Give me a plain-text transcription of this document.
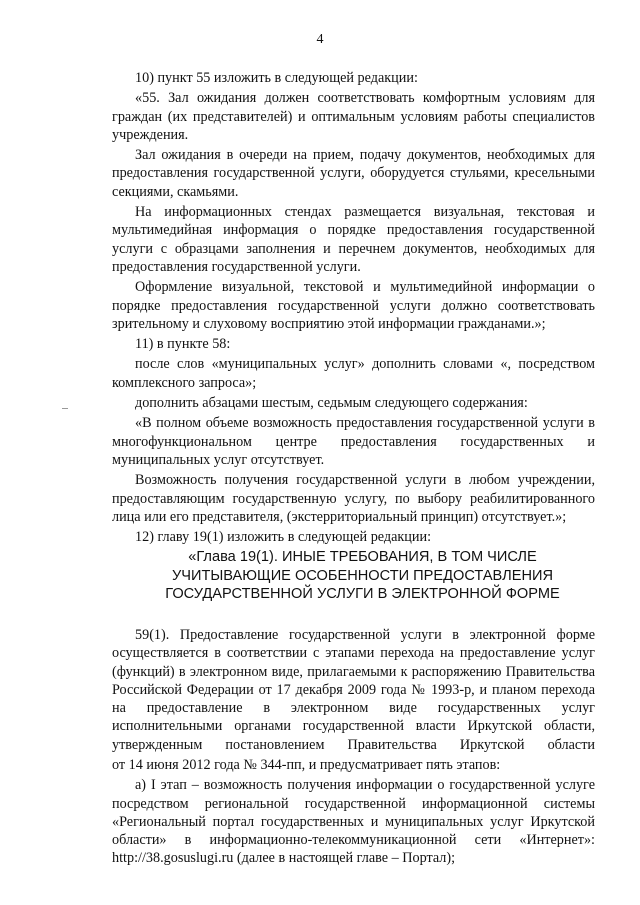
4

10) пункт 55 изложить в следующей редакции:

«55. Зал ожидания должен соответствовать комфортным условиям для граждан (их представителей) и оптимальным условиям работы специалистов учреждения.

Зал ожидания в очереди на прием, подачу документов, необходимых для предоставления государственной услуги, оборудуется стульями, кресельными секциями, скамьями.

На информационных стендах размещается визуальная, текстовая и мультимедийная информация о порядке предоставления государственной услуги с образцами заполнения и перечнем документов, необходимых для предоставления государственной услуги.

Оформление визуальной, текстовой и мультимедийной информации о порядке предоставления государственной услуги должно соответствовать зрительному и слуховому восприятию этой информации гражданами.»;

11) в пункте 58:

после слов «муниципальных услуг» дополнить словами «, посредством комплексного запроса»;

дополнить абзацами шестым, седьмым следующего содержания:

«В полном объеме возможность предоставления государственной услуги в многофункциональном центре предоставления государственных и муниципальных услуг отсутствует.

Возможность получения государственной услуги в любом учреждении, предоставляющим государственную услугу, по выбору реабилитированного лица или его представителя, (экстерриториальный принцип) отсутствует.»;

12) главу 19(1) изложить в следующей редакции:

«Глава 19(1). ИНЫЕ ТРЕБОВАНИЯ, В ТОМ ЧИСЛЕ
УЧИТЫВАЮЩИЕ ОСОБЕННОСТИ ПРЕДОСТАВЛЕНИЯ
ГОСУДАРСТВЕННОЙ УСЛУГИ В ЭЛЕКТРОННОЙ ФОРМЕ

59(1). Предоставление государственной услуги в электронной форме осуществляется в соответствии с этапами перехода на предоставление услуг (функций) в электронном виде, прилагаемыми к распоряжению Правительства Российской Федерации от 17 декабря 2009 года № 1993-р, и планом перехода на предоставление в электронном виде государственных услуг исполнительными органами государственной власти Иркутской области, утвержденным постановлением Правительства Иркутской области

от 14 июня 2012 года № 344-пп, и предусматривает пять этапов:

а) I этап – возможность получения информации о государственной услуге посредством региональной государственной информационной системы «Региональный портал государственных и муниципальных услуг Иркутской области» в информационно-телекоммуникационной сети «Интернет»: http://38.gosuslugi.ru (далее в настоящей главе – Портал);
